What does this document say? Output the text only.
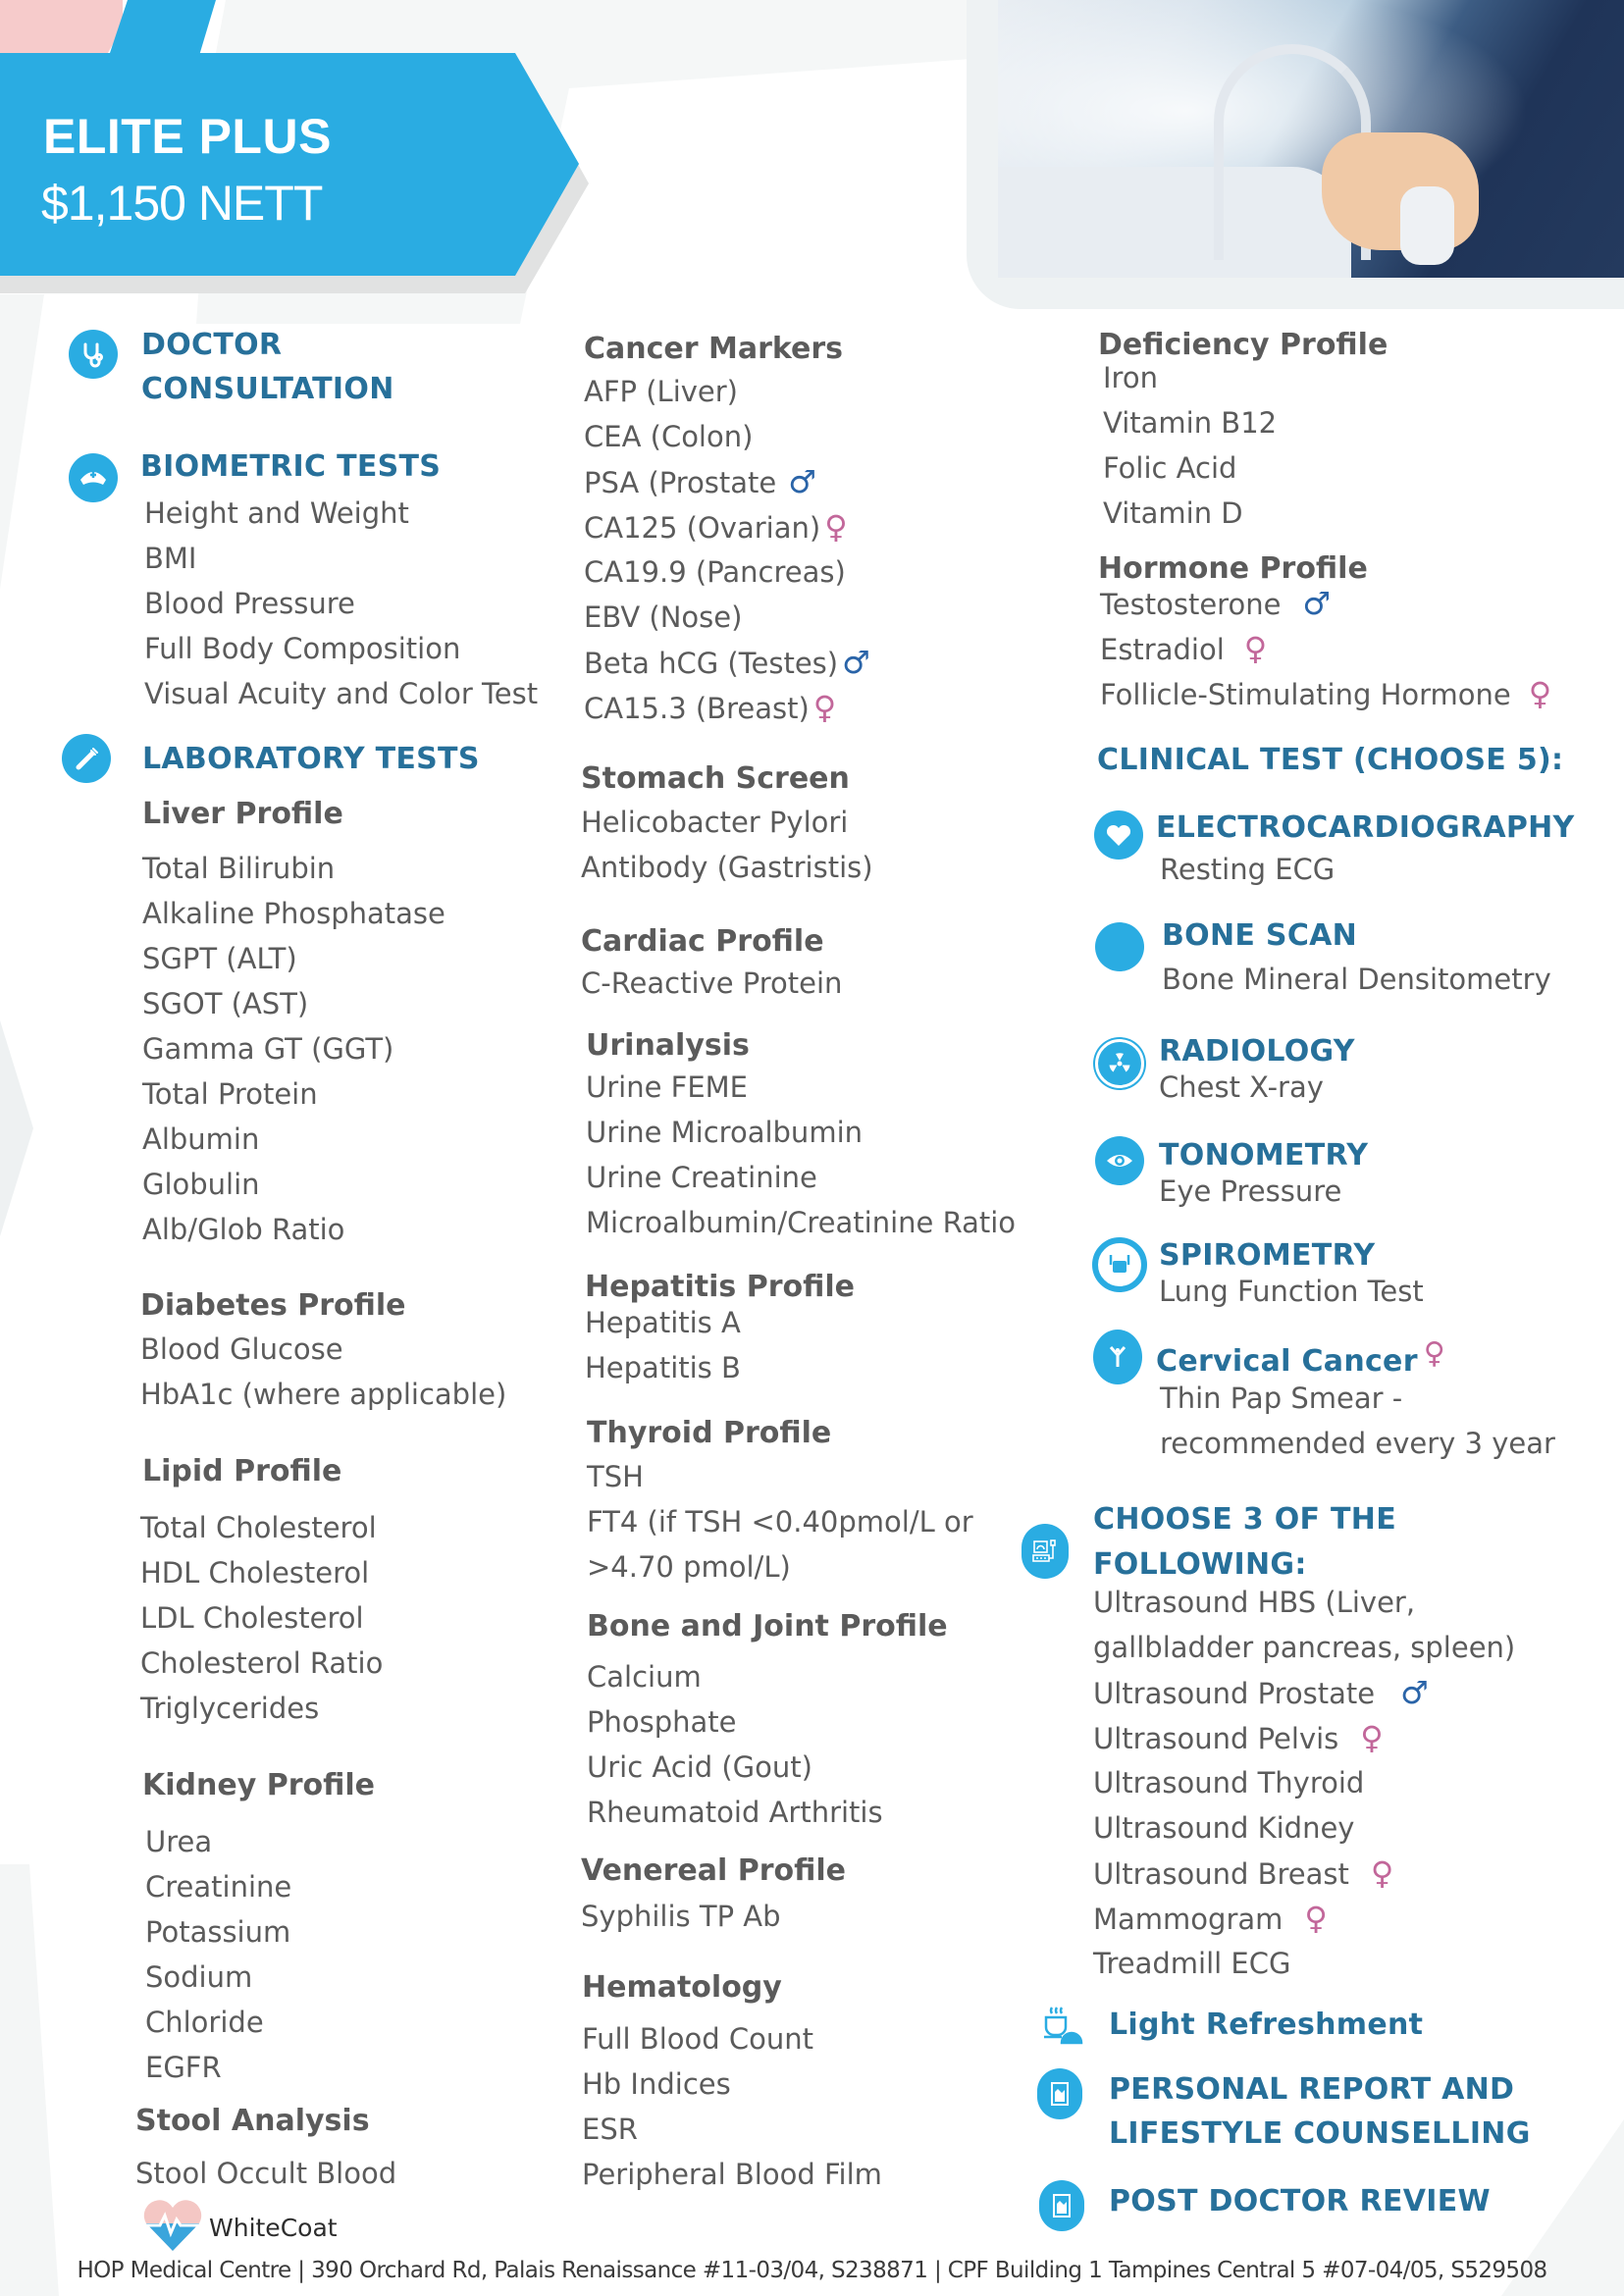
ELITE PLUS
$1,150 NETT
DOCTOR
CONSULTATION
BIOMETRIC TESTS
Height and Weight
BMI
Blood Pressure
Full Body Composition
Visual Acuity and Color Test
LABORATORY TESTS
Liver Profile
Total Bilirubin
Alkaline Phosphatase
SGPT (ALT)
SGOT (AST)
Gamma GT (GGT)
Total Protein
Albumin
Globulin
Alb/Glob Ratio
Diabetes Profile
Blood Glucose
HbA1c (where applicable)
Lipid Profile
Total Cholesterol
HDL Cholesterol
LDL Cholesterol
Cholesterol Ratio
Triglycerides
Kidney Profile
Urea
Creatinine
Potassium
Sodium
Chloride
EGFR
Stool Analysis
Stool Occult Blood
WhiteCoat
Cancer Markers
AFP (Liver)
CEA (Colon)
PSA (Prostate ♂
CA125 (Ovarian) ♀
CA19.9 (Pancreas)
EBV (Nose)
Beta hCG (Testes) ♂
CA15.3 (Breast) ♀
Stomach Screen
Helicobacter Pylori
Antibody (Gastristis)
Cardiac Profile
C-Reactive Protein
Urinalysis
Urine FEME
Urine Microalbumin
Urine Creatinine
Microalbumin/Creatinine Ratio
Hepatitis Profile
Hepatitis A
Hepatitis B
Thyroid Profile
TSH
FT4 (if TSH <0.40pmol/L or
>4.70 pmol/L)
Bone and Joint Profile
Calcium
Phosphate
Uric Acid (Gout)
Rheumatoid Arthritis
Venereal Profile
Syphilis TP Ab
Hematology
Full Blood Count
Hb Indices
ESR
Peripheral Blood Film
Deficiency Profile
Iron
Vitamin B12
Folic Acid
Vitamin D
Hormone Profile
Testosterone ♂
Estradiol ♀
Follicle-Stimulating Hormone ♀
CLINICAL TEST (CHOOSE 5):
ELECTROCARDIOGRAPHY
Resting ECG
BONE SCAN
Bone Mineral Densitometry
RADIOLOGY
Chest X-ray
TONOMETRY
Eye Pressure
SPIROMETRY
Lung Function Test
Cervical Cancer ♀
Thin Pap Smear -
recommended every 3 year
CHOOSE 3 OF THE
FOLLOWING:
Ultrasound HBS (Liver,
gallbladder pancreas, spleen)
Ultrasound Prostate ♂
Ultrasound Pelvis ♀
Ultrasound Thyroid
Ultrasound Kidney
Ultrasound Breast ♀
Mammogram ♀
Treadmill ECG
Light Refreshment
PERSONAL REPORT AND
LIFESTYLE COUNSELLING
POST DOCTOR REVIEW
HOP Medical Centre | 390 Orchard Rd, Palais Renaissance #11-03/04, S238871 | CPF Building 1 Tampines Central 5 #07-04/05, S529508
